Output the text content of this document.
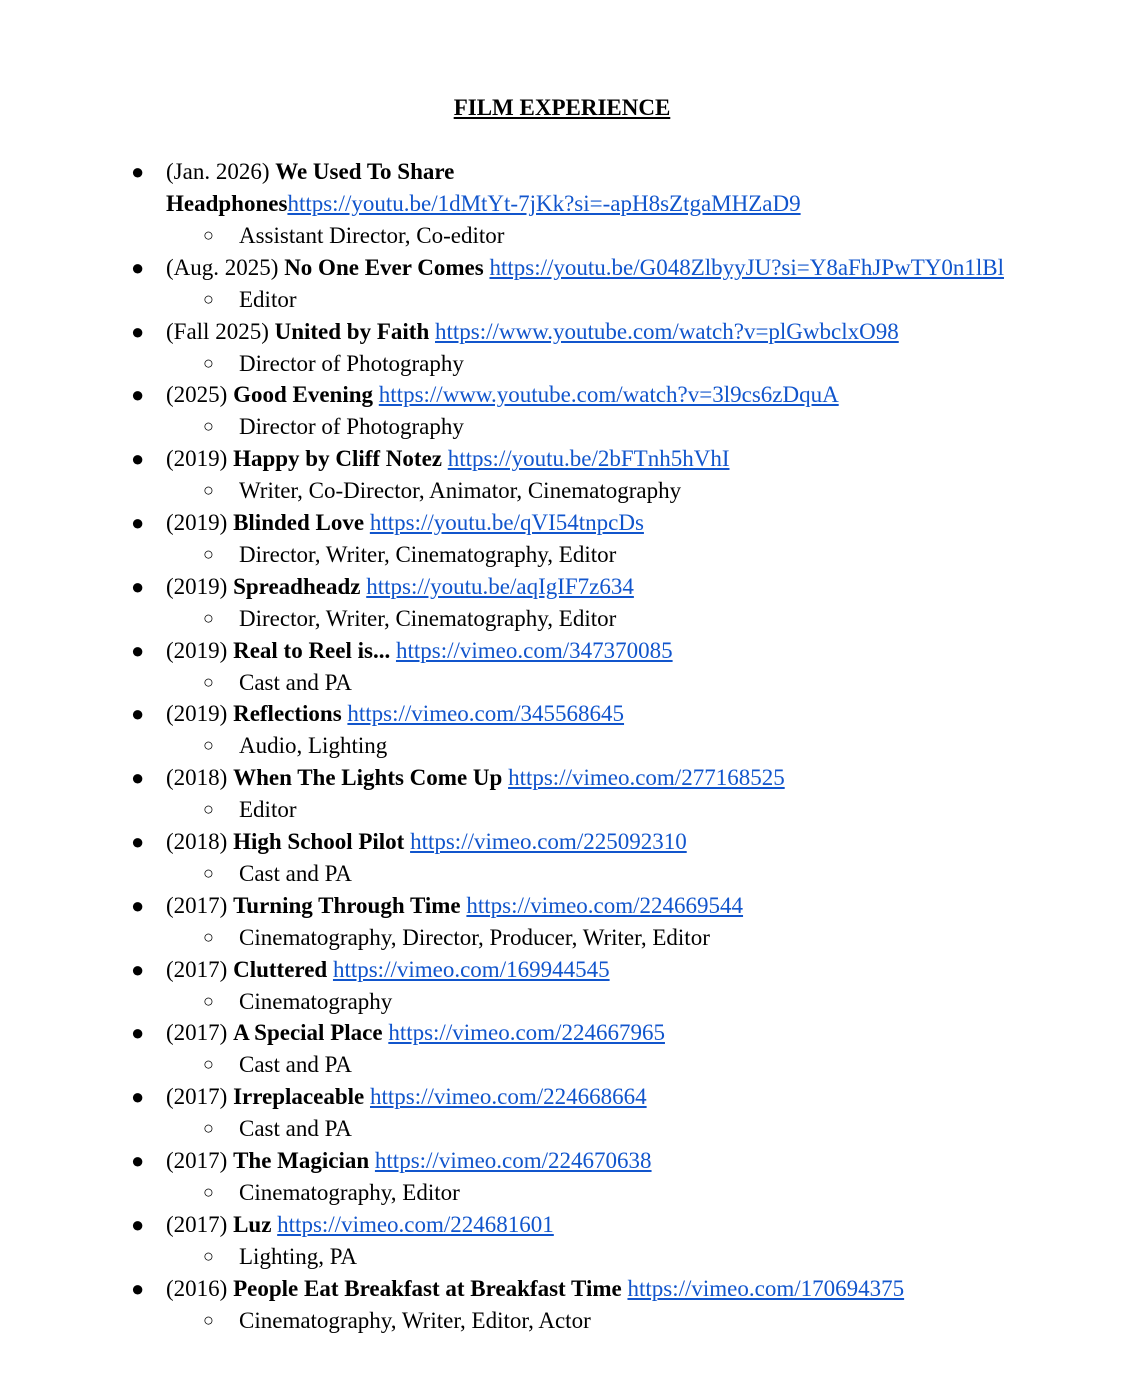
FILM EXPERIENCE
● (Jan. 2026) We Used To Share
Headphoneshttps://youtu.be/1dMtYt-7jKk?si=-apH8sZtgaMHZaD9
○ Assistant Director, Co-editor
● (Aug. 2025) No One Ever Comes https://youtu.be/G048ZlbyyJU?si=Y8aFhJPwTY0n1lBl
○ Editor
● (Fall 2025) United by Faith https://www.youtube.com/watch?v=plGwbclxO98
○ Director of Photography
● (2025) Good Evening https://www.youtube.com/watch?v=3l9cs6zDquA
○ Director of Photography
● (2019) Happy by Cliff Notez https://youtu.be/2bFTnh5hVhI
○ Writer, Co-Director, Animator, Cinematography
● (2019) Blinded Love https://youtu.be/qVI54tnpcDs
○ Director, Writer, Cinematography, Editor
● (2019) Spreadheadz https://youtu.be/aqIgIF7z634
○ Director, Writer, Cinematography, Editor
● (2019) Real to Reel is... https://vimeo.com/347370085
○ Cast and PA
● (2019) Reflections https://vimeo.com/345568645
○ Audio, Lighting
● (2018) When The Lights Come Up https://vimeo.com/277168525
○ Editor
● (2018) High School Pilot https://vimeo.com/225092310
○ Cast and PA
● (2017) Turning Through Time https://vimeo.com/224669544
○ Cinematography, Director, Producer, Writer, Editor
● (2017) Cluttered https://vimeo.com/169944545
○ Cinematography
● (2017) A Special Place https://vimeo.com/224667965
○ Cast and PA
● (2017) Irreplaceable https://vimeo.com/224668664
○ Cast and PA
● (2017) The Magician https://vimeo.com/224670638
○ Cinematography, Editor
● (2017) Luz https://vimeo.com/224681601
○ Lighting, PA
● (2016) People Eat Breakfast at Breakfast Time https://vimeo.com/170694375
○ Cinematography, Writer, Editor, Actor
